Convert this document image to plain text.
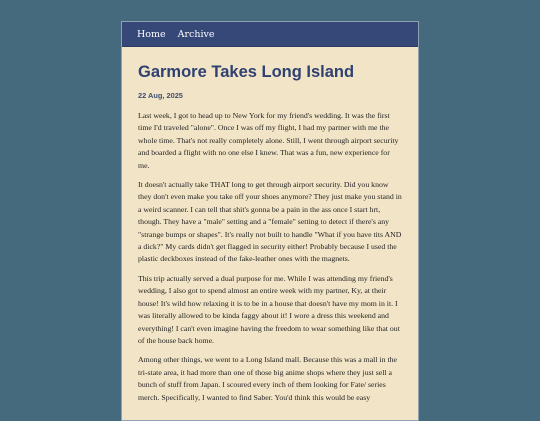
Home Archive
Garmore Takes Long Island
22 Aug, 2025

Last week, I got to head up to New York for my friend's wedding. It was the first time I'd traveled "alone". Once I was off my flight, I had my partner with me the whole time. That's not really completely alone. Still, I went through airport security and boarded a flight with no one else I knew. That was a fun, new experience for me.

It doesn't actually take THAT long to get through airport security. Did you know they don't even make you take off your shoes anymore? They just make you stand in a weird scanner. I can tell that shit's gonna be a pain in the ass once I start hrt, though. They have a "male" setting and a "female" setting to detect if there's any "strange bumps or shapes". It's really not built to handle "What if you have tits AND a dick?" My cards didn't get flagged in security either! Probably because I used the plastic deckboxes instead of the fake-leather ones with the magnets.

This trip actually served a dual purpose for me. While I was attending my friend's wedding, I also got to spend almost an entire week with my partner, Ky, at their house! It's wild how relaxing it is to be in a house that doesn't have my mom in it. I was literally allowed to be kinda faggy about it! I wore a dress this weekend and everything! I can't even imagine having the freedom to wear something like that out of the house back home.

Among other things, we went to a Long Island mall. Because this was a mall in the tri-state area, it had more than one of those big anime shops where they just sell a bunch of stuff from Japan. I scoured every inch of them looking for Fate/ series merch. Specifically, I wanted to find Saber. You'd think this would be easy
